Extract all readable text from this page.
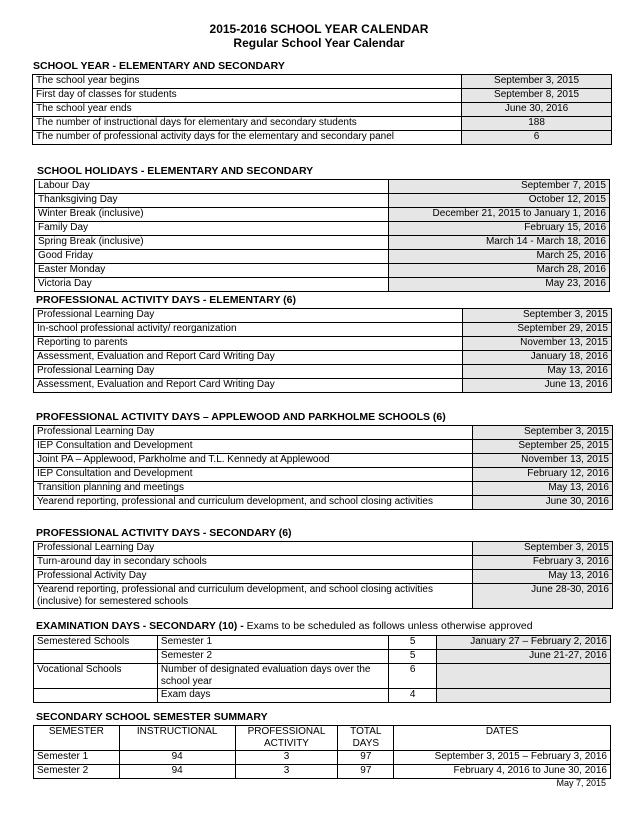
2015-2016 SCHOOL YEAR CALENDAR
Regular School Year Calendar
SCHOOL YEAR - ELEMENTARY AND SECONDARY
The school year begins	September 3, 2015
First day of classes for students	September 8, 2015
The school year ends	June 30, 2016
The number of instructional days for elementary and secondary students	188
The number of professional activity days for the elementary and secondary panel	6
SCHOOL HOLIDAYS - ELEMENTARY AND SECONDARY
Labour Day	September 7, 2015
Thanksgiving Day	October 12, 2015
Winter Break (inclusive)	December 21, 2015 to January 1, 2016
Family Day	February 15, 2016
Spring Break (inclusive)	March 14 - March 18, 2016
Good Friday	March 25, 2016
Easter Monday	March 28, 2016
Victoria Day	May 23, 2016
PROFESSIONAL ACTIVITY DAYS - ELEMENTARY (6)
Professional Learning Day	September 3, 2015
In-school professional activity/ reorganization	September 29, 2015
Reporting to parents	November 13, 2015
Assessment, Evaluation and Report Card Writing Day	January 18, 2016
Professional Learning Day	May 13, 2016
Assessment, Evaluation and Report Card Writing Day	June 13, 2016
PROFESSIONAL ACTIVITY DAYS – APPLEWOOD AND PARKHOLME SCHOOLS (6)
Professional Learning Day	September 3, 2015
IEP Consultation and Development	September 25, 2015
Joint PA – Applewood, Parkholme and T.L. Kennedy at Applewood	November 13, 2015
IEP Consultation and Development	February 12, 2016
Transition planning and meetings	May 13, 2016
Yearend reporting, professional and curriculum development, and school closing activities	June 30, 2016
PROFESSIONAL ACTIVITY DAYS - SECONDARY (6)
Professional Learning Day	September 3, 2015
Turn-around day in secondary schools	February 3, 2016
Professional Activity Day	May 13, 2016
Yearend reporting, professional and curriculum development, and school closing activities (inclusive) for semestered schools	June 28-30, 2016
EXAMINATION DAYS - SECONDARY (10) - Exams to be scheduled as follows unless otherwise approved
Semestered Schools	Semester 1	5	January 27 – February 2, 2016
	Semester 2	5	June 21-27, 2016
Vocational Schools	Number of designated evaluation days over the school year	6	
	Exam days	4	
SECONDARY SCHOOL SEMESTER SUMMARY
SEMESTER	INSTRUCTIONAL	PROFESSIONAL ACTIVITY	TOTAL DAYS	DATES
Semester 1	94	3	97	September 3, 2015 – February 3, 2016
Semester 2	94	3	97	February 4, 2016 to June 30, 2016
May 7, 2015
